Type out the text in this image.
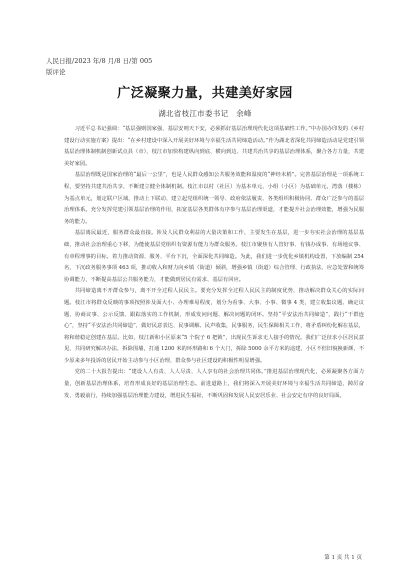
人民日报/2023 年/8 月/8 日/第 005
版评论
广泛凝聚力量，共建美好家园
湖北省枝江市委书记　余峰

习近平总书记强调：“基层强则国家强，基层安则天下安，必须抓好基层治理现代化这项基础性工作。”中办国办印发的《乡村建设行动实施方案》提出：“在乡村建设中深入开展美好环境与幸福生活共同缔造活动。”作为湖北省深化共同缔造活动是党建引领基层治理体制机制创新试点县（市），枝江市加快构建纵向到底、横向到边、共建共治共享的基层治理体系，聚合各方力量，共建美好家园。

基层治理既是国家治理的“最后一公里”，也是人民群众感知公共服务效能和温度的“神经末梢”。完善基层治理是一项系统工程，要坚持共建共治共享，不断建立健全体制机制。枝江市以村（社区）为基本单元，小组（小区）为基础单元，湾落（楼栋）为基点单元，划定联户区域，推动上下联动、建立起党组织统一领导、政府依法履责、各类组织积极协同、群众广泛参与的基层治理体系。充分发挥党建引领基层治理的作用，拓宽基层各类群体有序参与基层治理渠道，才能提升社会治理效能，增强为民服务的能力。

基层离民最近，服务群众最直接。涉及人民群众利益的大量决策和工作，主要发生在基层，进一步夯实社会治理的基层基础，推动社会治理重心下移，为能使基层党组织有资源有能力为群众服务。枝江市聚焦有人管好事、有钱办成事、有场地议事、有章程理事的目标，着力推动资源、服务、平台下沉，全面深化共同缔造。为此，我们进一步优化乡镇机构设置，下放编制 254 名，下沉政务服务事项 463 项，推动收入和财力向乡镇（街道）倾斜，增强乡镇（街道）综合管理、行政执法、应急处置和统筹协调能力，不断提高基层公共服务能力，才能做到居民有需求、基层有回应。

共同缔造离不开群众参与，离不开全过程人民民主。要充分发挥全过程人民民主的制度优势，推动解决群众关心的实际问题。枝江市将群众反映的事项按照涉及面大小、办理难易程度，划分为看事、大事、小事、微事 4 类，建立收集议题、确定议题、协商议事、公示反馈、跟踪落实的工作机制，形成发问问题、解决问题的闭环。坚持“平安法治共同缔造”，践行“干群连心”，坚持“平安法治共同缔造”，做好民意表达、民事调解、民声收集，民事服务，民生保障相关工作，将矛盾纠纷化解在基层，将和谐稳定创建在基层。比如，枝江新和小区原来“5 个院子 6 把锁”，出现民生诉求无人接手的情况。我们广泛征求小区居民意见，共同研究解决办法，拆除围墙，打通 1200 米的环形路和 6 个大门，拆除 5000 余平方米的违建，小区不但旧貌换新颜，不少原来多年投诉的居民开始主动参与小区治理，群众参与社区建设的积极性明显增强。

党的二十大报告提出：“建设人人有责、人人尽责、人人享有的社会治理共同体。”推进基层治理现代化，必须凝聚各方面力量，创新基层治理体系，培育形成良好的基层治理生态。前进道路上，我们将深入开展美好环境与幸福生活共同缔造，踔厉奋发、勇毅前行，持续加强基层治理能力建设，增进民生福祉，不断巩固和发展人民安居乐业、社会安定有序的良好局面。

第 1 页 共 1 页
